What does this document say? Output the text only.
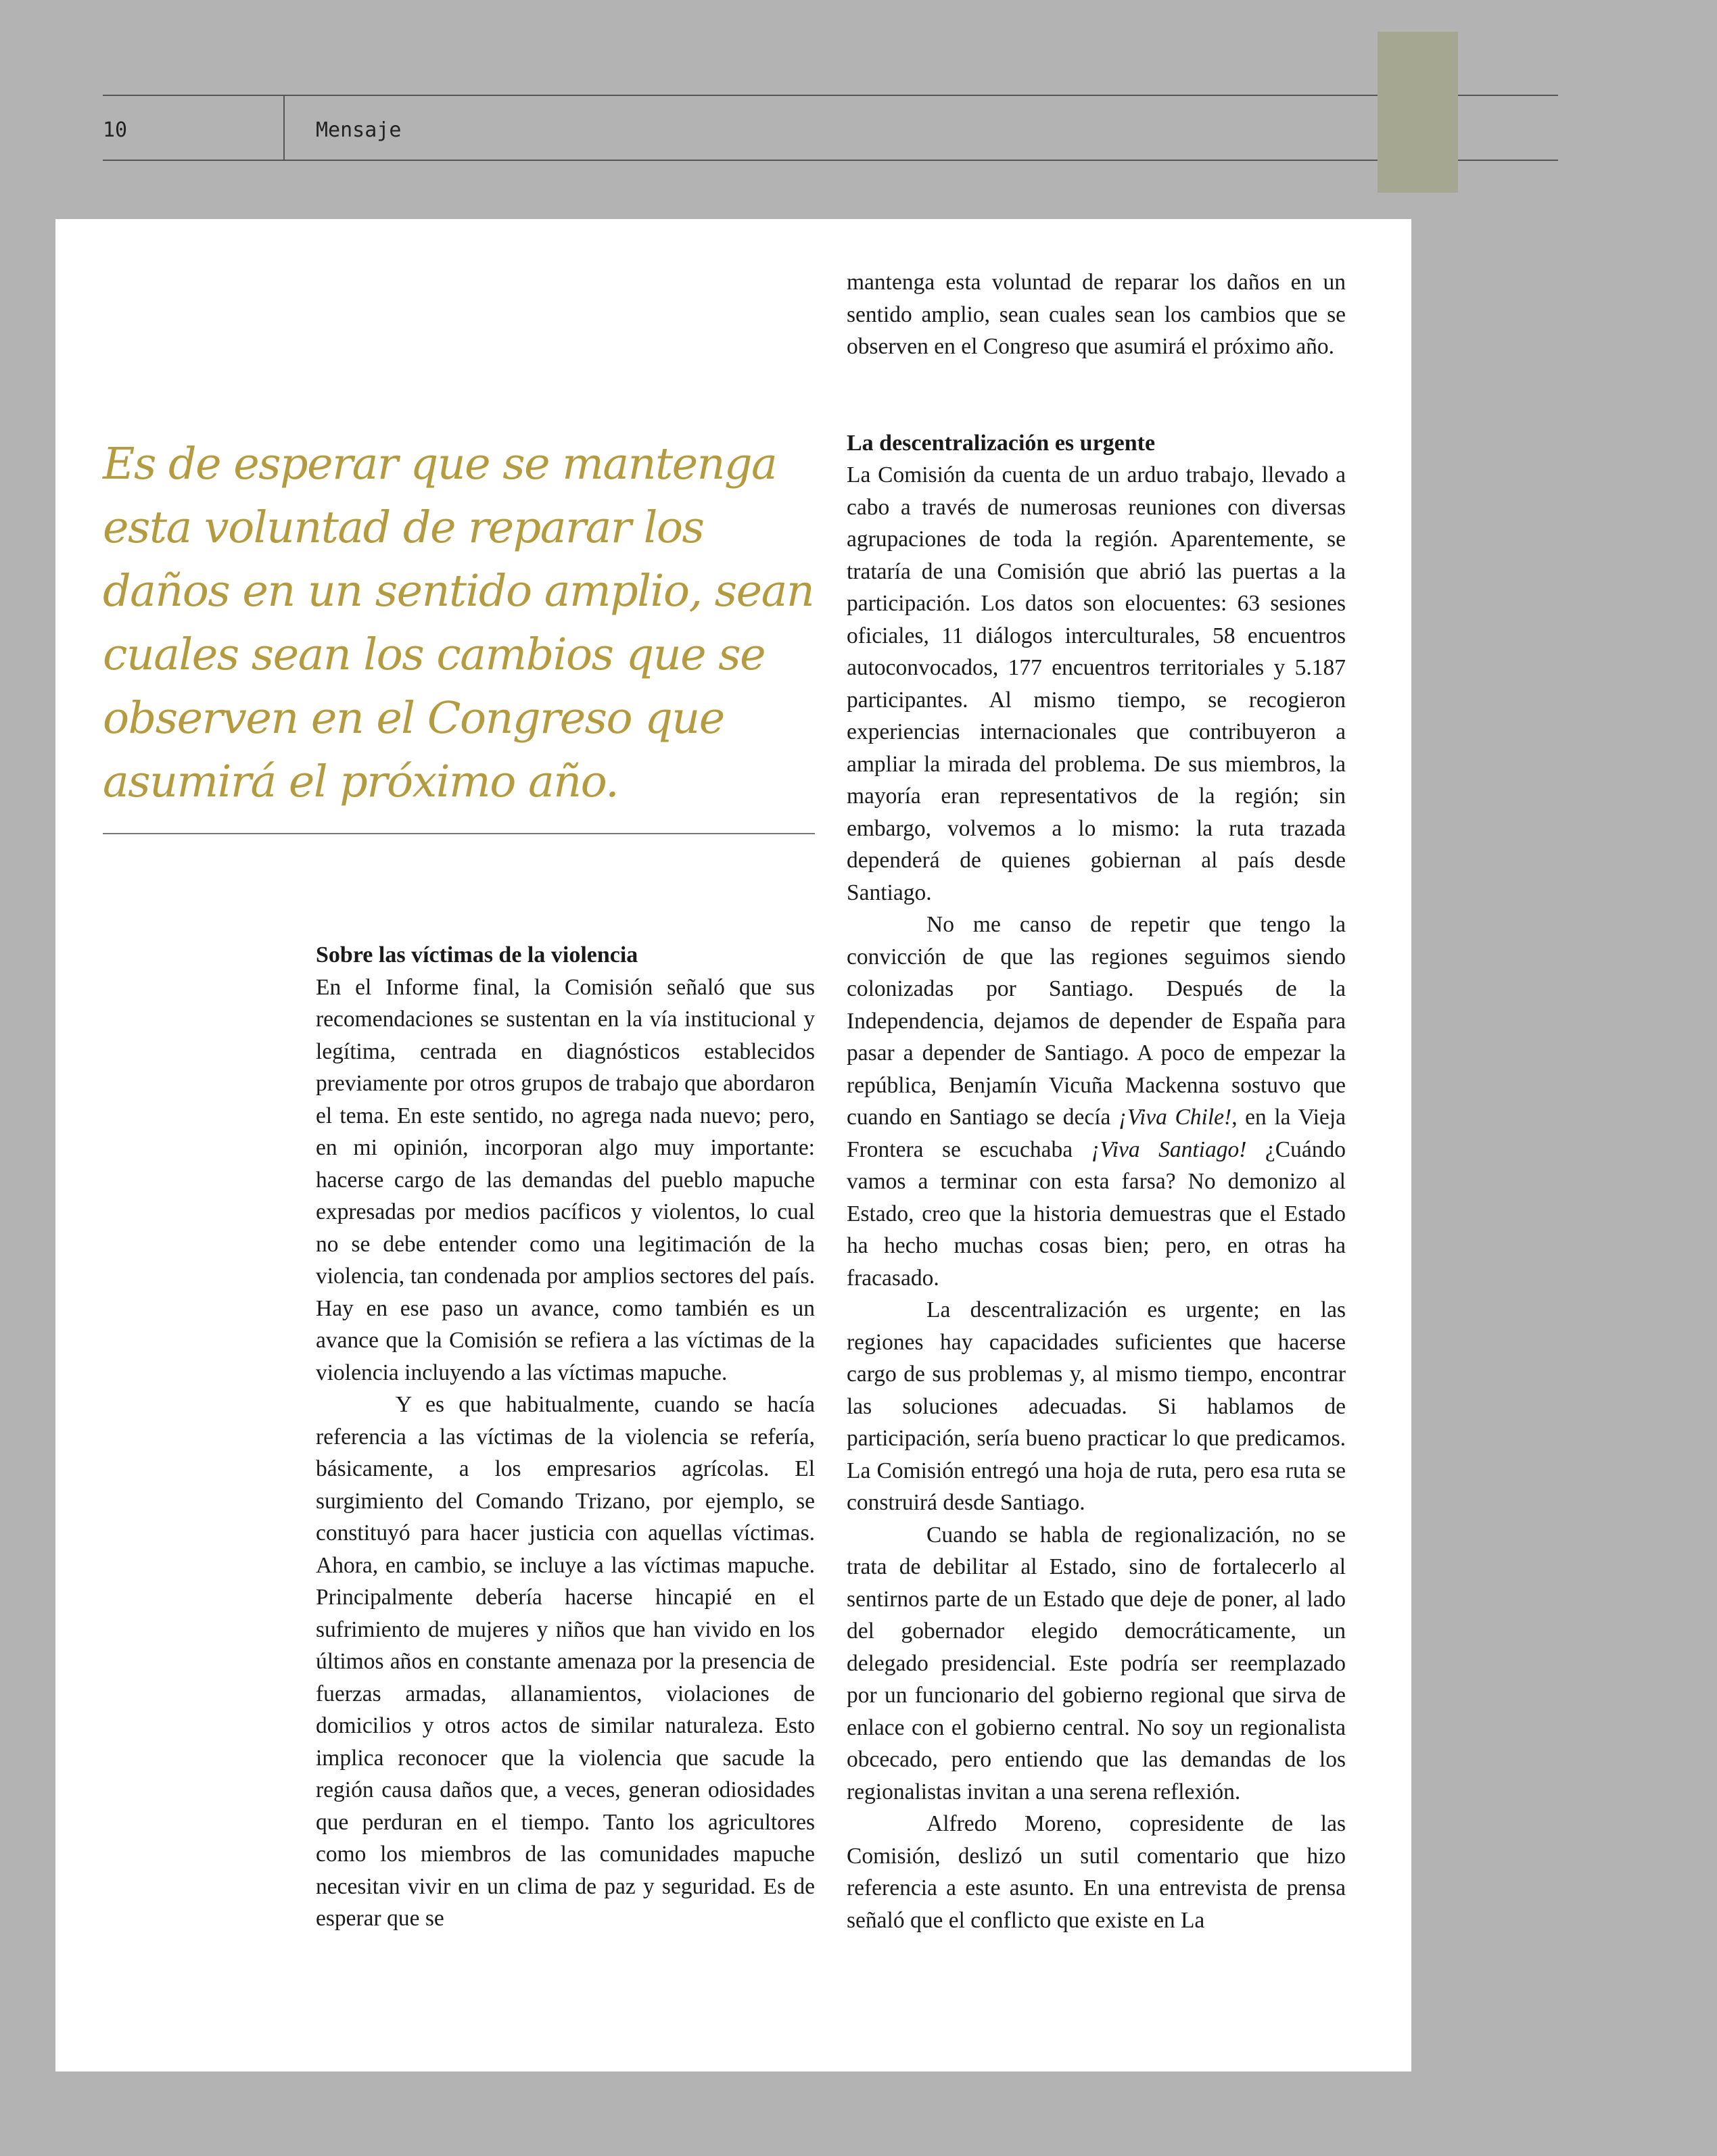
10	Mensaje
Es de esperar que se mantenga esta voluntad de reparar los daños en un sentido amplio, sean cuales sean los cambios que se observen en el Congreso que asumirá el próximo año.
Sobre las víctimas de la violencia

En el Informe final, la Comisión señaló que sus recomendaciones se sustentan en la vía institucional y legítima, centrada en diagnósticos establecidos previamente por otros grupos de trabajo que abordaron el tema. En este sentido, no agrega nada nuevo; pero, en mi opinión, incorporan algo muy importante: hacerse cargo de las demandas del pueblo mapuche expresadas por medios pacíficos y violentos, lo cual no se debe entender como una legitimación de la violencia, tan condenada por amplios sectores del país. Hay en ese paso un avance, como también es un avance que la Comisión se refiera a las víctimas de la violencia incluyendo a las víctimas mapuche.

Y es que habitualmente, cuando se hacía referencia a las víctimas de la violencia se refería, básicamente, a los empresarios agrícolas. El surgimiento del Comando Trizano, por ejemplo, se constituyó para hacer justicia con aquellas víctimas. Ahora, en cambio, se incluye a las víctimas mapuche. Principalmente debería hacerse hincapié en el sufrimiento de mujeres y niños que han vivido en los últimos años en constante amenaza por la presencia de fuerzas armadas, allanamientos, violaciones de domicilios y otros actos de similar naturaleza. Esto implica reconocer que la violencia que sacude la región causa daños que, a veces, generan odiosidades que perduran en el tiempo. Tanto los agricultores como los miembros de las comunidades mapuche necesitan vivir en un clima de paz y seguridad. Es de esperar que se

mantenga esta voluntad de reparar los daños en un sentido amplio, sean cuales sean los cambios que se observen en el Congreso que asumirá el próximo año.

La descentralización es urgente

La Comisión da cuenta de un arduo trabajo, llevado a cabo a través de numerosas reuniones con diversas agrupaciones de toda la región. Aparentemente, se trataría de una Comisión que abrió las puertas a la participación. Los datos son elocuentes: 63 sesiones oficiales, 11 diálogos interculturales, 58 encuentros autoconvocados, 177 encuentros territoriales y 5.187 participantes. Al mismo tiempo, se recogieron experiencias internacionales que contribuyeron a ampliar la mirada del problema. De sus miembros, la mayoría eran representativos de la región; sin embargo, volvemos a lo mismo: la ruta trazada dependerá de quienes gobiernan al país desde Santiago.

No me canso de repetir que tengo la convicción de que las regiones seguimos siendo colonizadas por Santiago. Después de la Independencia, dejamos de depender de España para pasar a depender de Santiago. A poco de empezar la república, Benjamín Vicuña Mackenna sostuvo que cuando en Santiago se decía ¡Viva Chile!, en la Vieja Frontera se escuchaba ¡Viva Santiago! ¿Cuándo vamos a terminar con esta farsa? No demonizo al Estado, creo que la historia demuestras que el Estado ha hecho muchas cosas bien; pero, en otras ha fracasado.

La descentralización es urgente; en las regiones hay capacidades suficientes que hacerse cargo de sus problemas y, al mismo tiempo, encontrar las soluciones adecuadas. Si hablamos de participación, sería bueno practicar lo que predicamos. La Comisión entregó una hoja de ruta, pero esa ruta se construirá desde Santiago.

Cuando se habla de regionalización, no se trata de debilitar al Estado, sino de fortalecerlo al sentirnos parte de un Estado que deje de poner, al lado del gobernador elegido democráticamente, un delegado presidencial. Este podría ser reemplazado por un funcionario del gobierno regional que sirva de enlace con el gobierno central. No soy un regionalista obcecado, pero entiendo que las demandas de los regionalistas invitan a una serena reflexión.

Alfredo Moreno, copresidente de las Comisión, deslizó un sutil comentario que hizo referencia a este asunto. En una entrevista de prensa señaló que el conflicto que existe en La
